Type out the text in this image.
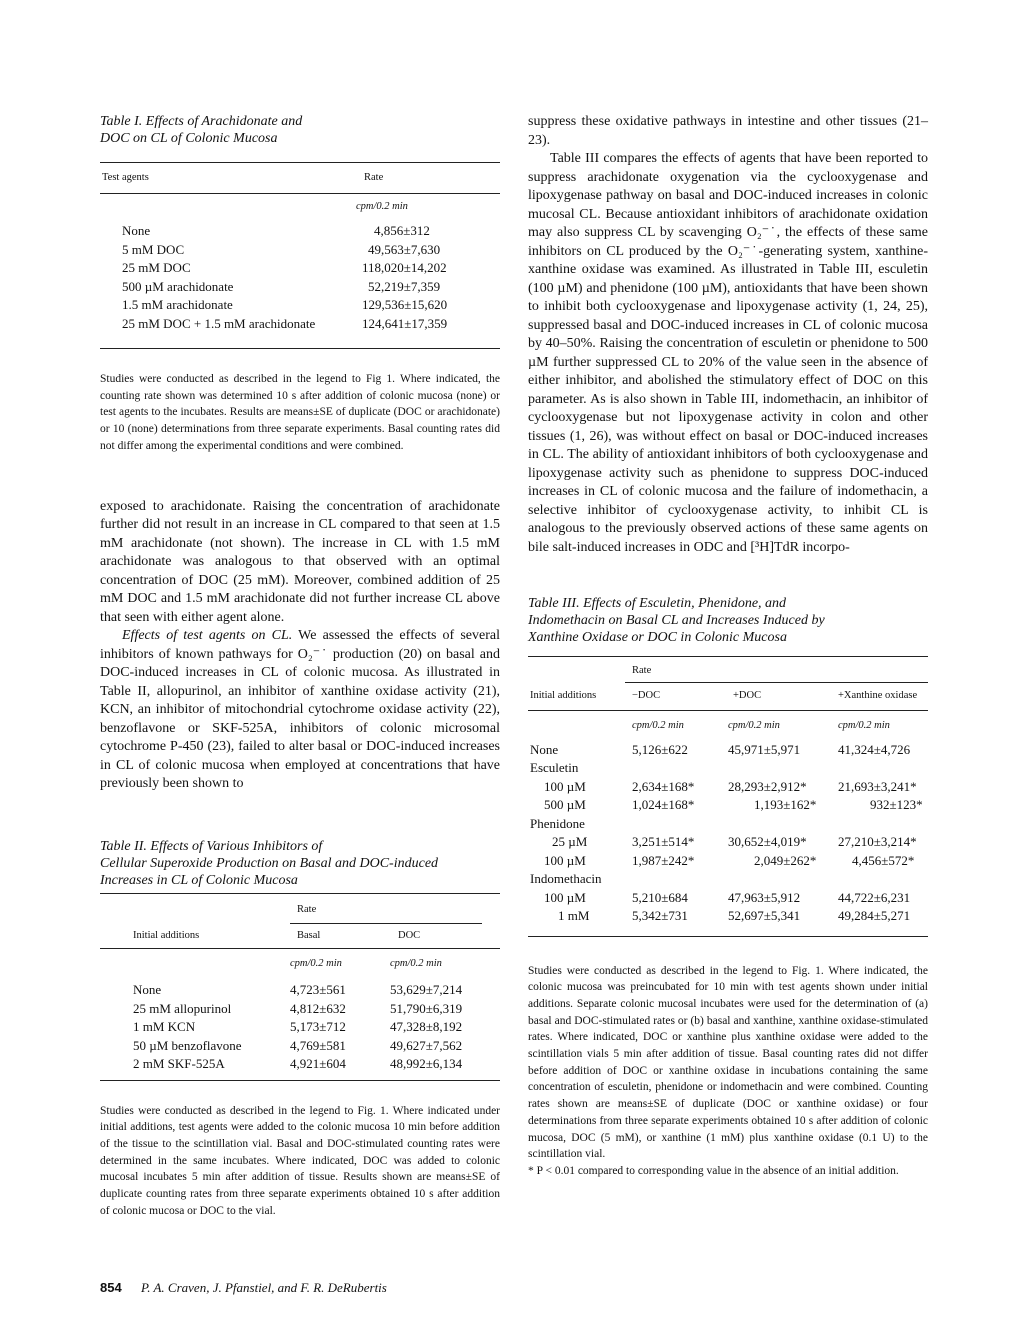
Table I. Effects of Arachidonate and
DOC on CL of Colonic Mucosa

Test agents	Rate
	cpm/0.2 min
None	4,856±312
5 mM DOC	49,563±7,630
25 mM DOC	118,020±14,202
500 µM arachidonate	52,219±7,359
1.5 mM arachidonate	129,536±15,620
25 mM DOC + 1.5 mM arachidonate	124,641±17,359

Studies were conducted as described in the legend to Fig 1. Where indicated, the counting rate shown was determined 10 s after addition of colonic mucosa (none) or test agents to the incubates. Results are means±SE of duplicate (DOC or arachidonate) or 10 (none) determinations from three separate experiments. Basal counting rates did not differ among the experimental conditions and were combined.

exposed to arachidonate. Raising the concentration of arachidonate further did not result in an increase in CL compared to that seen at 1.5 mM arachidonate (not shown). The increase in CL with 1.5 mM arachidonate was analogous to that observed with an optimal concentration of DOC (25 mM). Moreover, combined addition of 25 mM DOC and 1.5 mM arachidonate did not further increase CL above that seen with either agent alone.

Effects of test agents on CL. We assessed the effects of several inhibitors of known pathways for O₂⁻˙ production (20) on basal and DOC-induced increases in CL of colonic mucosa. As illustrated in Table II, allopurinol, an inhibitor of xanthine oxidase activity (21), KCN, an inhibitor of mitochondrial cytochrome oxidase activity (22), benzoflavone or SKF-525A, inhibitors of colonic microsomal cytochrome P-450 (23), failed to alter basal or DOC-induced increases in CL of colonic mucosa when employed at concentrations that have previously been shown to

Table II. Effects of Various Inhibitors of
Cellular Superoxide Production on Basal and DOC-induced
Increases in CL of Colonic Mucosa

Rate
Initial additions	Basal	DOC
	cpm/0.2 min	cpm/0.2 min
None	4,723±561	53,629±7,214
25 mM allopurinol	4,812±632	51,790±6,319
1 mM KCN	5,173±712	47,328±8,192
50 µM benzoflavone	4,769±581	49,627±7,562
2 mM SKF-525A	4,921±604	48,992±6,134

Studies were conducted as described in the legend to Fig. 1. Where indicated under initial additions, test agents were added to the colonic mucosa 10 min before addition of the tissue to the scintillation vial. Basal and DOC-stimulated counting rates were determined in the same incubates. Where indicated, DOC was added to colonic mucosal incubates 5 min after addition of tissue. Results shown are means±SE of duplicate counting rates from three separate experiments obtained 10 s after addition of colonic mucosa or DOC to the vial.

suppress these oxidative pathways in intestine and other tissues (21–23).

Table III compares the effects of agents that have been reported to suppress arachidonate oxygenation via the cyclooxygenase and lipoxygenase pathway on basal and DOC-induced increases in colonic mucosal CL. Because antioxidant inhibitors of arachidonate oxidation may also suppress CL by scavenging O₂⁻˙, the effects of these same inhibitors on CL produced by the O₂⁻˙-generating system, xanthine-xanthine oxidase was examined. As illustrated in Table III, esculetin (100 µM) and phenidone (100 µM), antioxidants that have been shown to inhibit both cyclooxygenase and lipoxygenase activity (1, 24, 25), suppressed basal and DOC-induced increases in CL of colonic mucosa by 40–50%. Raising the concentration of esculetin or phenidone to 500 µM further suppressed CL to 20% of the value seen in the absence of either inhibitor, and abolished the stimulatory effect of DOC on this parameter. As is also shown in Table III, indomethacin, an inhibitor of cyclooxygenase but not lipoxygenase activity in colon and other tissues (1, 26), was without effect on basal or DOC-induced increases in CL. The ability of antioxidant inhibitors of both cyclooxygenase and lipoxygenase activity such as phenidone to suppress DOC-induced increases in CL of colonic mucosa and the failure of indomethacin, a selective inhibitor of cyclooxygenase activity, to inhibit CL is analogous to the previously observed actions of these same agents on bile salt-induced increases in ODC and [³H]TdR incorpo-

Table III. Effects of Esculetin, Phenidone, and
Indomethacin on Basal CL and Increases Induced by
Xanthine Oxidase or DOC in Colonic Mucosa

Rate
Initial additions	−DOC	+DOC	+Xanthine oxidase
	cpm/0.2 min	cpm/0.2 min	cpm/0.2 min
None	5,126±622	45,971±5,971	41,324±4,726
Esculetin			
100 µM	2,634±168*	28,293±2,912*	21,693±3,241*
500 µM	1,024±168*	1,193±162*	932±123*
Phenidone			
25 µM	3,251±514*	30,652±4,019*	27,210±3,214*
100 µM	1,987±242*	2,049±262*	4,456±572*
Indomethacin			
100 µM	5,210±684	47,963±5,912	44,722±6,231
1 mM	5,342±731	52,697±5,341	49,284±5,271

Studies were conducted as described in the legend to Fig. 1. Where indicated, the colonic mucosa was preincubated for 10 min with test agents shown under initial additions. Separate colonic mucosal incubates were used for the determination of (a) basal and DOC-stimulated rates or (b) basal and xanthine, xanthine oxidase-stimulated rates. Where indicated, DOC or xanthine plus xanthine oxidase were added to the scintillation vials 5 min after addition of tissue. Basal counting rates did not differ before addition of DOC or xanthine oxidase in incubations containing the same concentration of esculetin, phenidone or indomethacin and were combined. Counting rates shown are means±SE of duplicate (DOC or xanthine oxidase) or four determinations from three separate experiments obtained 10 s after addition of colonic mucosa, DOC (5 mM), or xanthine (1 mM) plus xanthine oxidase (0.1 U) to the scintillation vial.

* P < 0.01 compared to corresponding value in the absence of an initial addition.

854 P. A. Craven, J. Pfanstiel, and F. R. DeRubertis
